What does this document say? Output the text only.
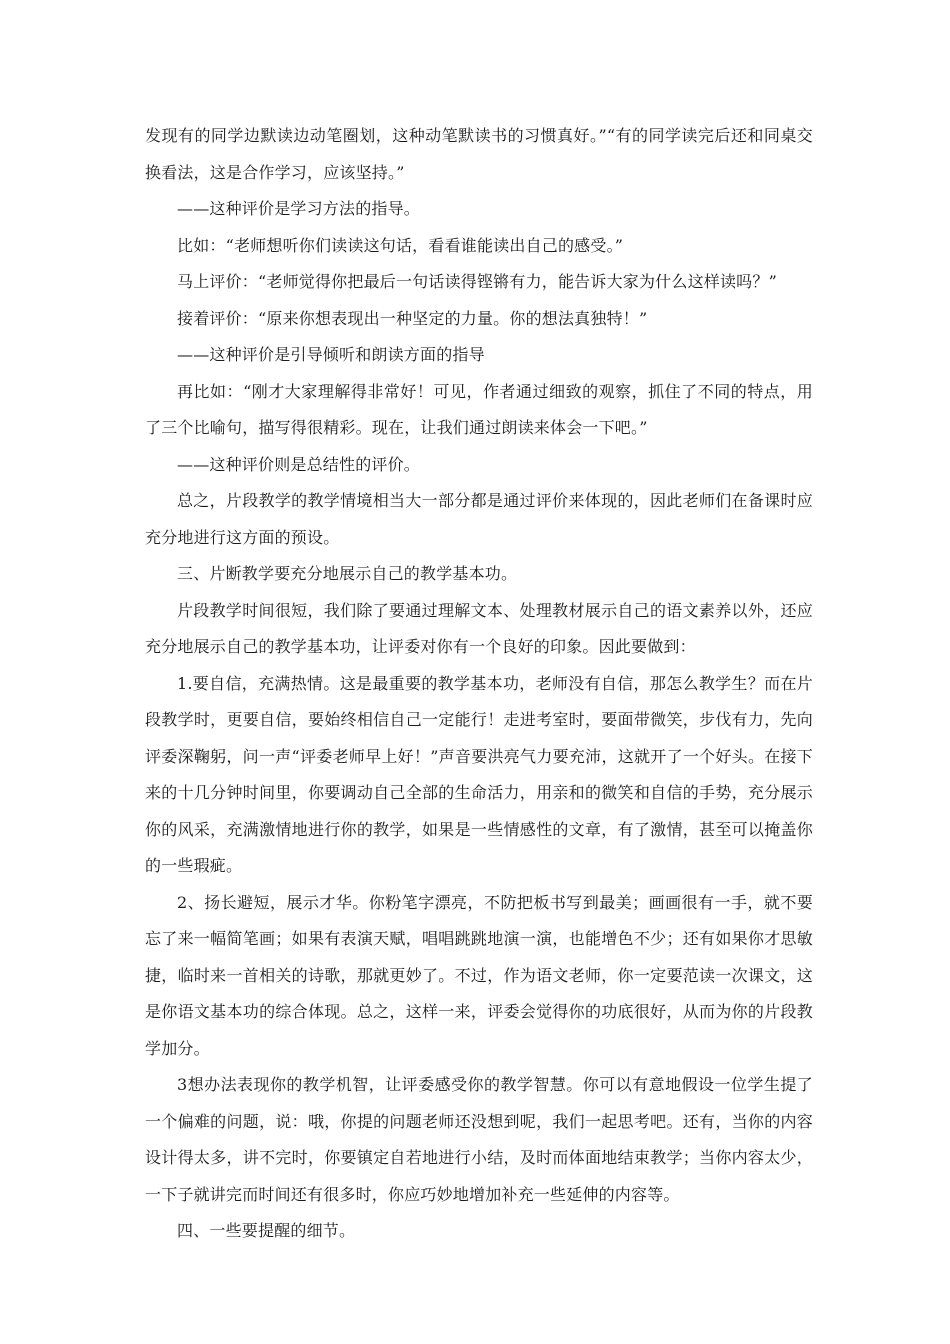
发现有的同学边默读边动笔圈划，这种动笔默读书的习惯真好。”“有的同学读完后还和同桌交换看法，这是合作学习，应该坚持。”

——这种评价是学习方法的指导。

比如：“老师想听你们读读这句话，看看谁能读出自己的感受。”

马上评价：“老师觉得你把最后一句话读得铿锵有力，能告诉大家为什么这样读吗？”

接着评价：“原来你想表现出一种坚定的力量。你的想法真独特！”

——这种评价是引导倾听和朗读方面的指导

再比如：“刚才大家理解得非常好！可见，作者通过细致的观察，抓住了不同的特点，用了三个比喻句，描写得很精彩。现在，让我们通过朗读来体会一下吧。”

——这种评价则是总结性的评价。

总之，片段教学的教学情境相当大一部分都是通过评价来体现的，因此老师们在备课时应充分地进行这方面的预设。

三、片断教学要充分地展示自己的教学基本功。

片段教学时间很短，我们除了要通过理解文本、处理教材展示自己的语文素养以外，还应充分地展示自己的教学基本功，让评委对你有一个良好的印象。因此要做到：

1.要自信，充满热情。这是最重要的教学基本功，老师没有自信，那怎么教学生？而在片段教学时，更要自信，要始终相信自己一定能行！走进考室时，要面带微笑，步伐有力，先向评委深鞠躬，问一声“评委老师早上好！”声音要洪亮气力要充沛，这就开了一个好头。在接下来的十几分钟时间里，你要调动自己全部的生命活力，用亲和的微笑和自信的手势，充分展示你的风采，充满激情地进行你的教学，如果是一些情感性的文章，有了激情，甚至可以掩盖你的一些瑕疵。

2、扬长避短，展示才华。你粉笔字漂亮，不防把板书写到最美；画画很有一手，就不要忘了来一幅简笔画；如果有表演天赋，唱唱跳跳地演一演，也能增色不少；还有如果你才思敏捷，临时来一首相关的诗歌，那就更妙了。不过，作为语文老师，你一定要范读一次课文，这是你语文基本功的综合体现。总之，这样一来，评委会觉得你的功底很好，从而为你的片段教学加分。

3想办法表现你的教学机智，让评委感受你的教学智慧。你可以有意地假设一位学生提了一个偏难的问题，说：哦，你提的问题老师还没想到呢，我们一起思考吧。还有，当你的内容设计得太多，讲不完时，你要镇定自若地进行小结，及时而体面地结束教学；当你内容太少，一下子就讲完而时间还有很多时，你应巧妙地增加补充一些延伸的内容等。

四、一些要提醒的细节。
